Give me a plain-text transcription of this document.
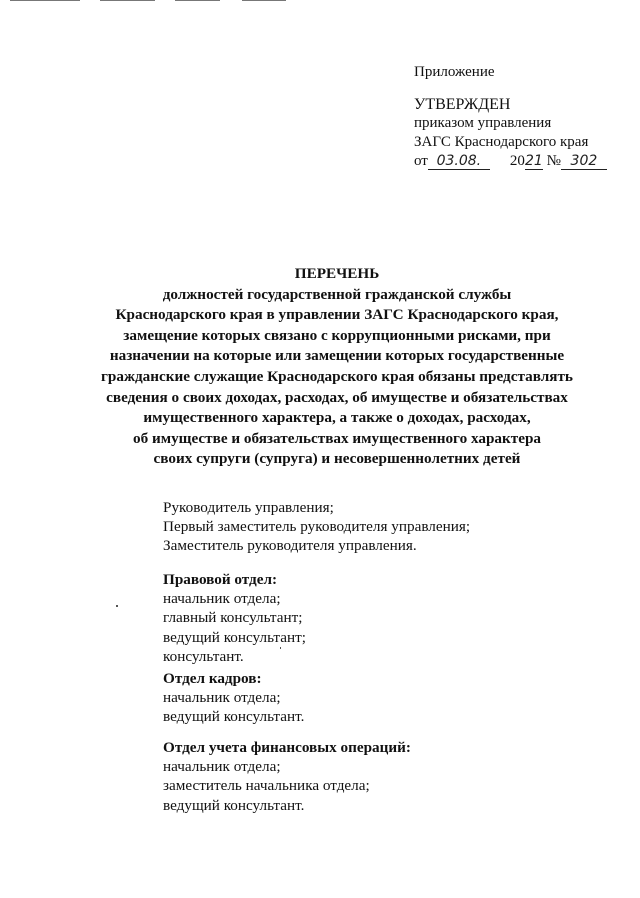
Приложение
УТВЕРЖДЕН
приказом управления
ЗАГС Краснодарского края
от 03.08. 2021 № 302
ПЕРЕЧЕНЬ
должностей государственной гражданской службы
Краснодарского края в управлении ЗАГС Краснодарского края,
замещение которых связано с коррупционными рисками, при
назначении на которые или замещении которых государственные
гражданские служащие Краснодарского края обязаны представлять
сведения о своих доходах, расходах, об имуществе и обязательствах
имущественного характера, а также о доходах, расходах,
об имуществе и обязательствах имущественного характера
своих супруги (супруга) и несовершеннолетних детей
Руководитель управления;
Первый заместитель руководителя управления;
Заместитель руководителя управления.
Правовой отдел:
начальник отдела;
главный консультант;
ведущий консультант;
консультант.
Отдел кадров:
начальник отдела;
ведущий консультант.
Отдел учета финансовых операций:
начальник отдела;
заместитель начальника отдела;
ведущий консультант.
